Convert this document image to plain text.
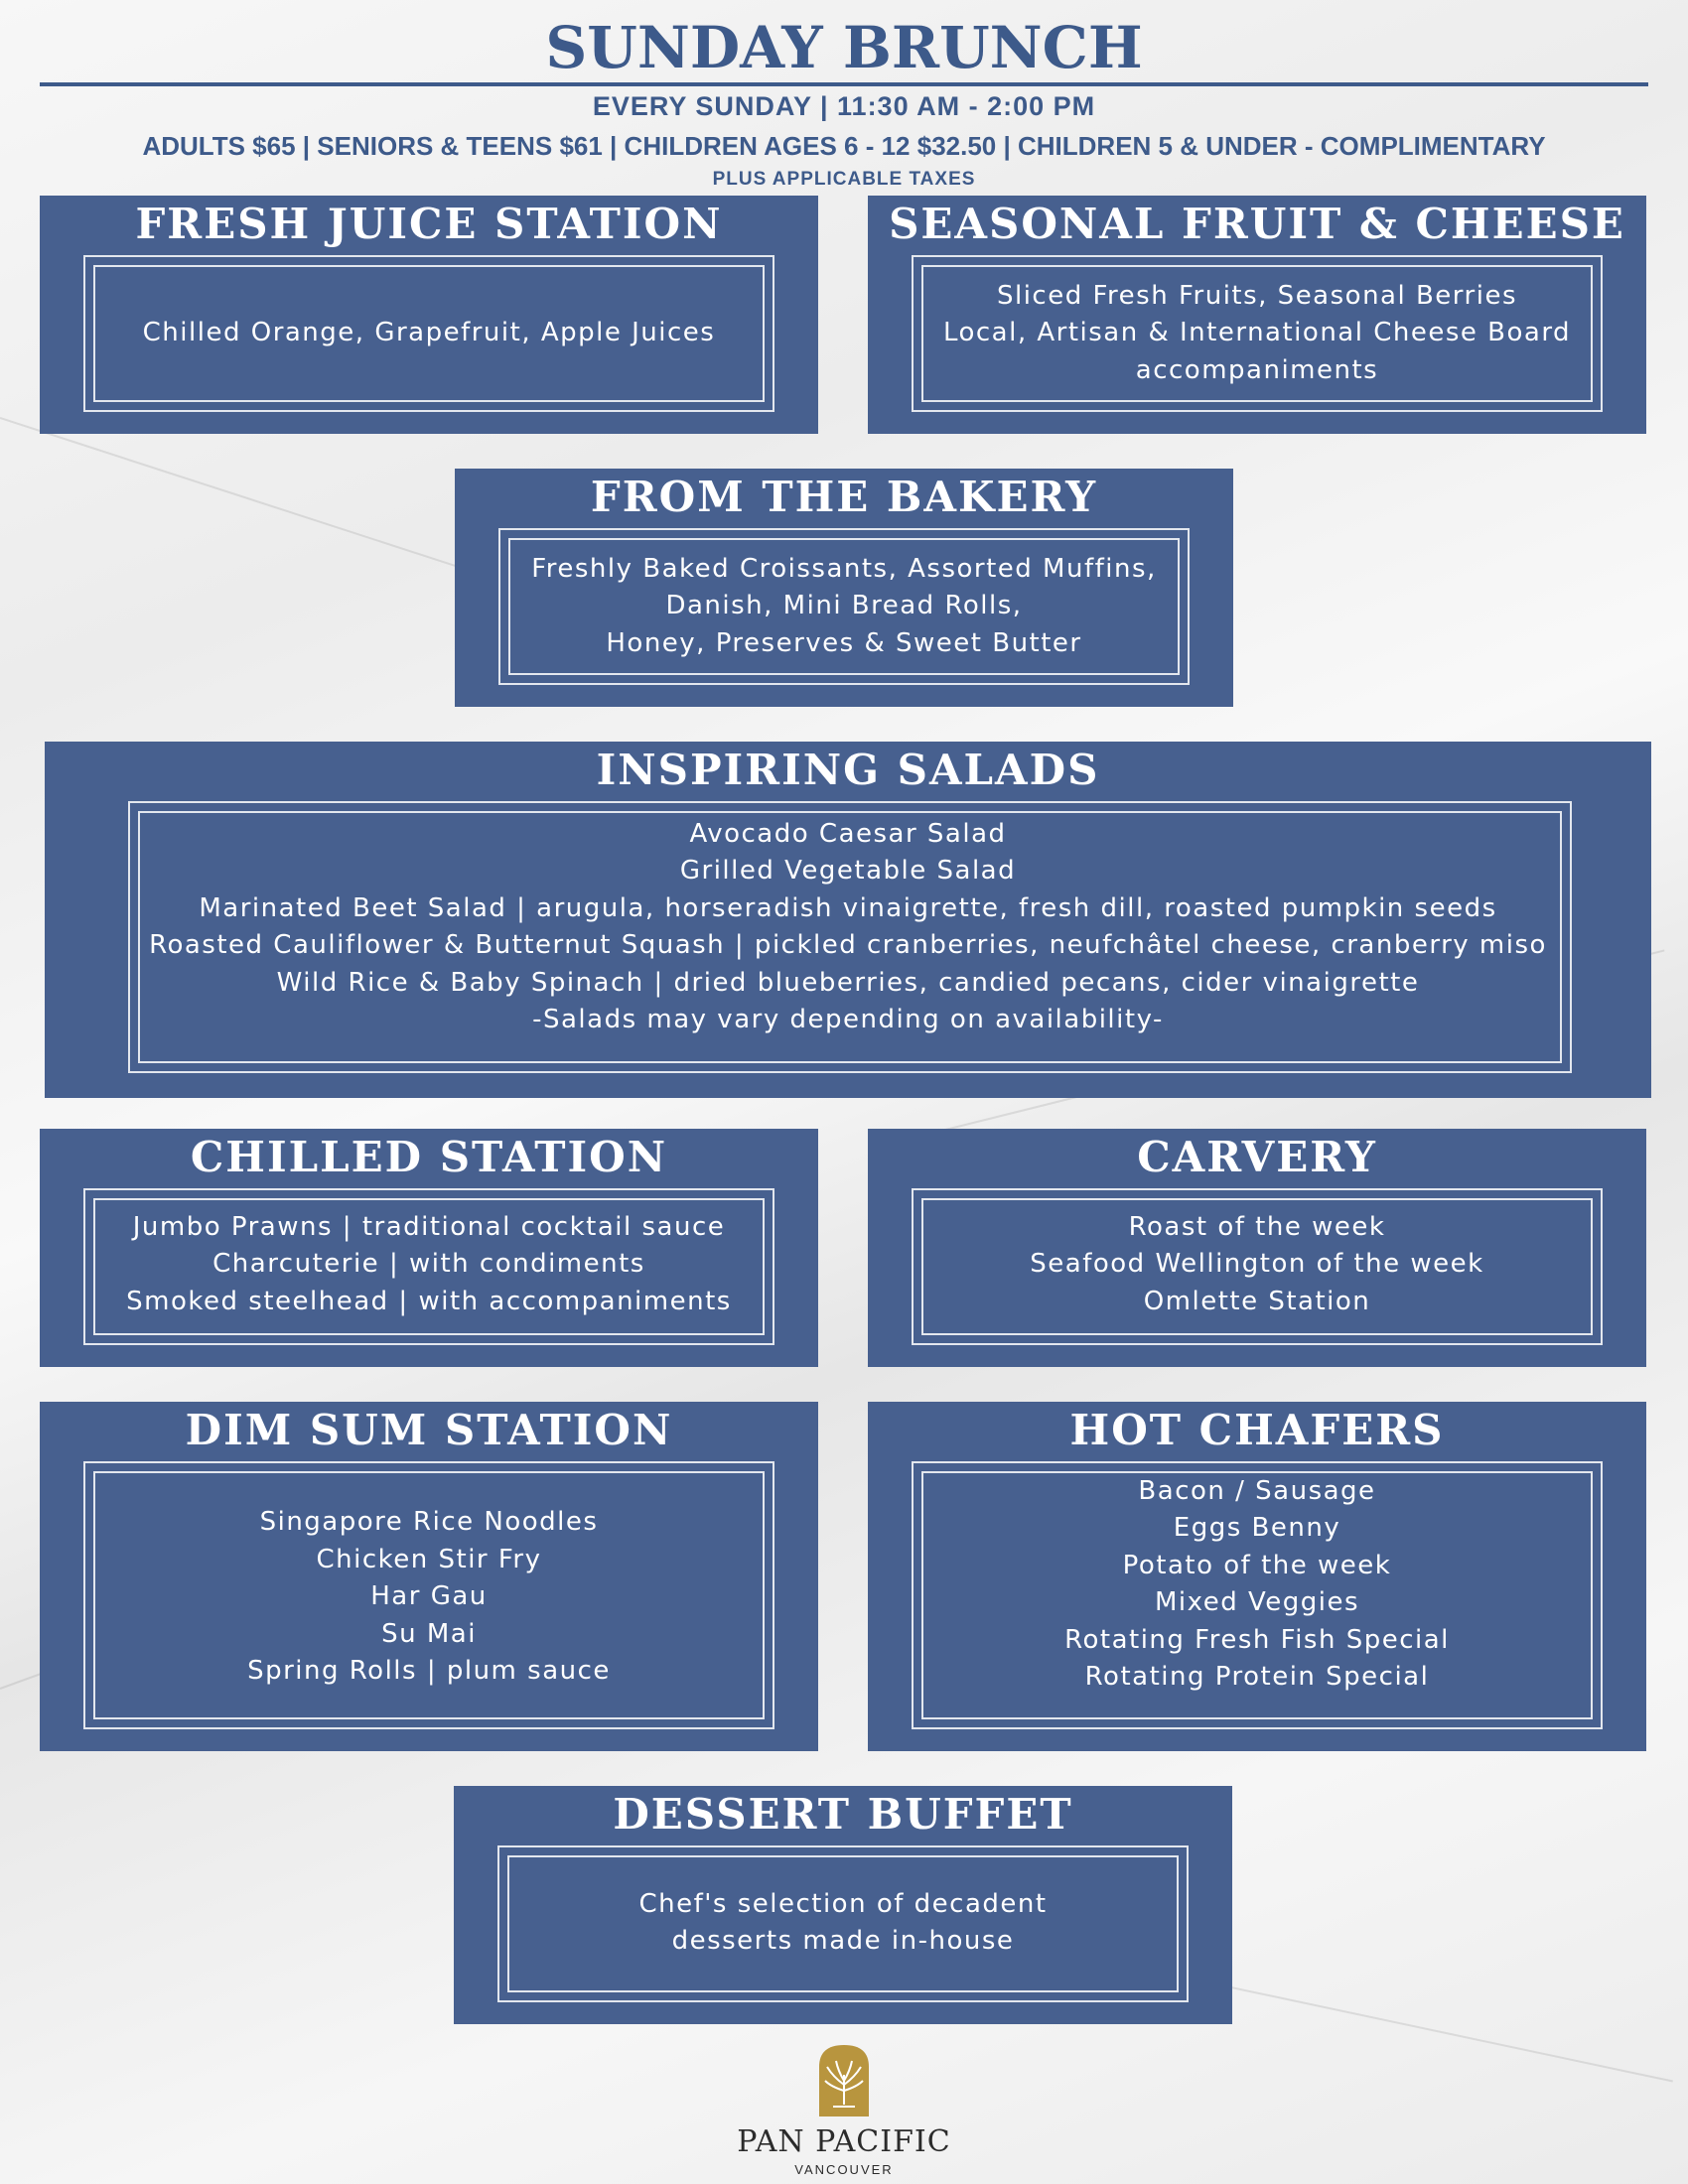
SUNDAY BRUNCH
EVERY SUNDAY | 11:30 AM - 2:00 PM
ADULTS $65 | SENIORS & TEENS $61 | CHILDREN AGES 6 - 12 $32.50 | CHILDREN 5 & UNDER - COMPLIMENTARY
PLUS APPLICABLE TAXES
FRESH JUICE STATION
Chilled Orange, Grapefruit, Apple Juices
SEASONAL FRUIT & CHEESE
Sliced Fresh Fruits, Seasonal Berries
Local, Artisan & International Cheese Board
accompaniments
FROM THE BAKERY
Freshly Baked Croissants, Assorted Muffins,
Danish, Mini Bread Rolls,
Honey, Preserves & Sweet Butter
INSPIRING SALADS
Avocado Caesar Salad
Grilled Vegetable Salad
Marinated Beet Salad | arugula, horseradish vinaigrette, fresh dill, roasted pumpkin seeds
Roasted Cauliflower & Butternut Squash | pickled cranberries, neufchâtel cheese, cranberry miso
Wild Rice & Baby Spinach | dried blueberries, candied pecans, cider vinaigrette
-Salads may vary depending on availability-
CHILLED STATION
Jumbo Prawns | traditional cocktail sauce
Charcuterie | with condiments
Smoked steelhead | with accompaniments
CARVERY
Roast of the week
Seafood Wellington of the week
Omlette Station
DIM SUM STATION
Singapore Rice Noodles
Chicken Stir Fry
Har Gau
Su Mai
Spring Rolls | plum sauce
HOT CHAFERS
Bacon / Sausage
Eggs Benny
Potato of the week
Mixed Veggies
Rotating Fresh Fish Special
Rotating Protein Special
DESSERT BUFFET
Chef's selection of decadent
desserts made in-house
PAN PACIFIC
VANCOUVER
